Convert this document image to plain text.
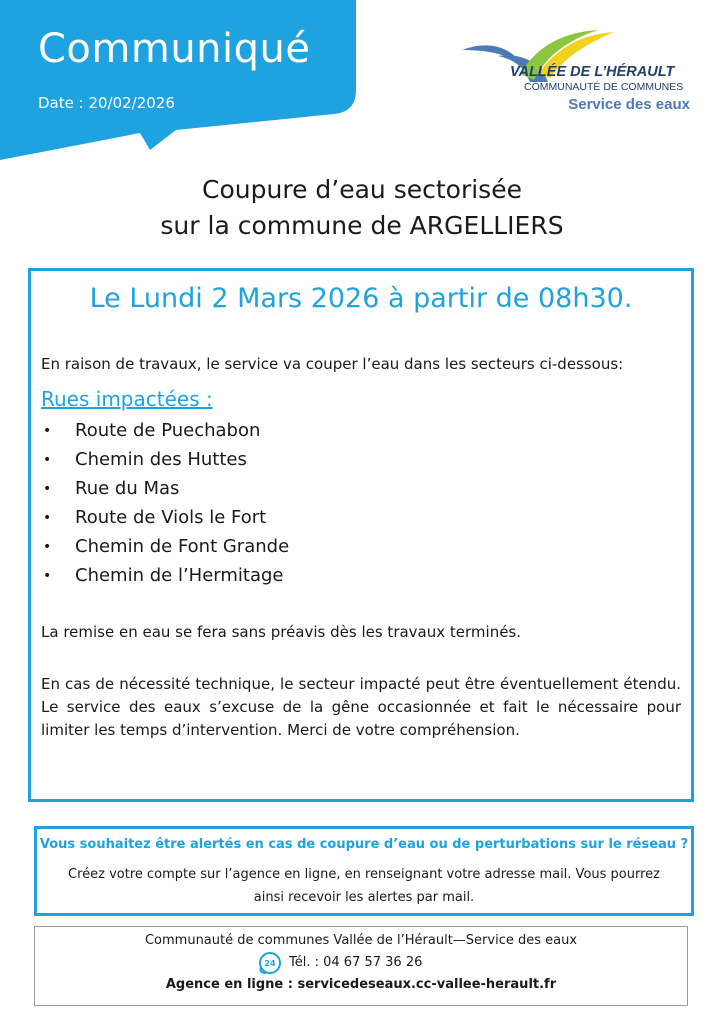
Communiqué
Date : 20/02/2026
VALLÉE DE L’HÉRAULT
COMMUNAUTÉ DE COMMUNES
Service des eaux
Coupure d’eau sectorisée
sur la commune de ARGELLIERS
Le Lundi 2 Mars 2026 à partir de 08h30.
En raison de travaux, le service va couper l’eau dans les secteurs ci-dessous:
Rues impactées :
• Route de Puechabon
• Chemin des Huttes
• Rue du Mas
• Route de Viols le Fort
• Chemin de Font Grande
• Chemin de l’Hermitage
La remise en eau se fera sans préavis dès les travaux terminés.
En cas de nécessité technique, le secteur impacté peut être éventuellement étendu. Le service des eaux s’excuse de la gêne occasionnée et fait le nécessaire pour limiter les temps d’intervention. Merci de votre compréhension.
Vous souhaitez être alertés en cas de coupure d’eau ou de perturbations sur le réseau ?
Créez votre compte sur l’agence en ligne, en renseignant votre adresse mail. Vous pourrez ainsi recevoir les alertes par mail.
Communauté de communes Vallée de l’Hérault—Service des eaux
24 Tél. : 04 67 57 36 26
Agence en ligne : servicedeseaux.cc-vallee-herault.fr
